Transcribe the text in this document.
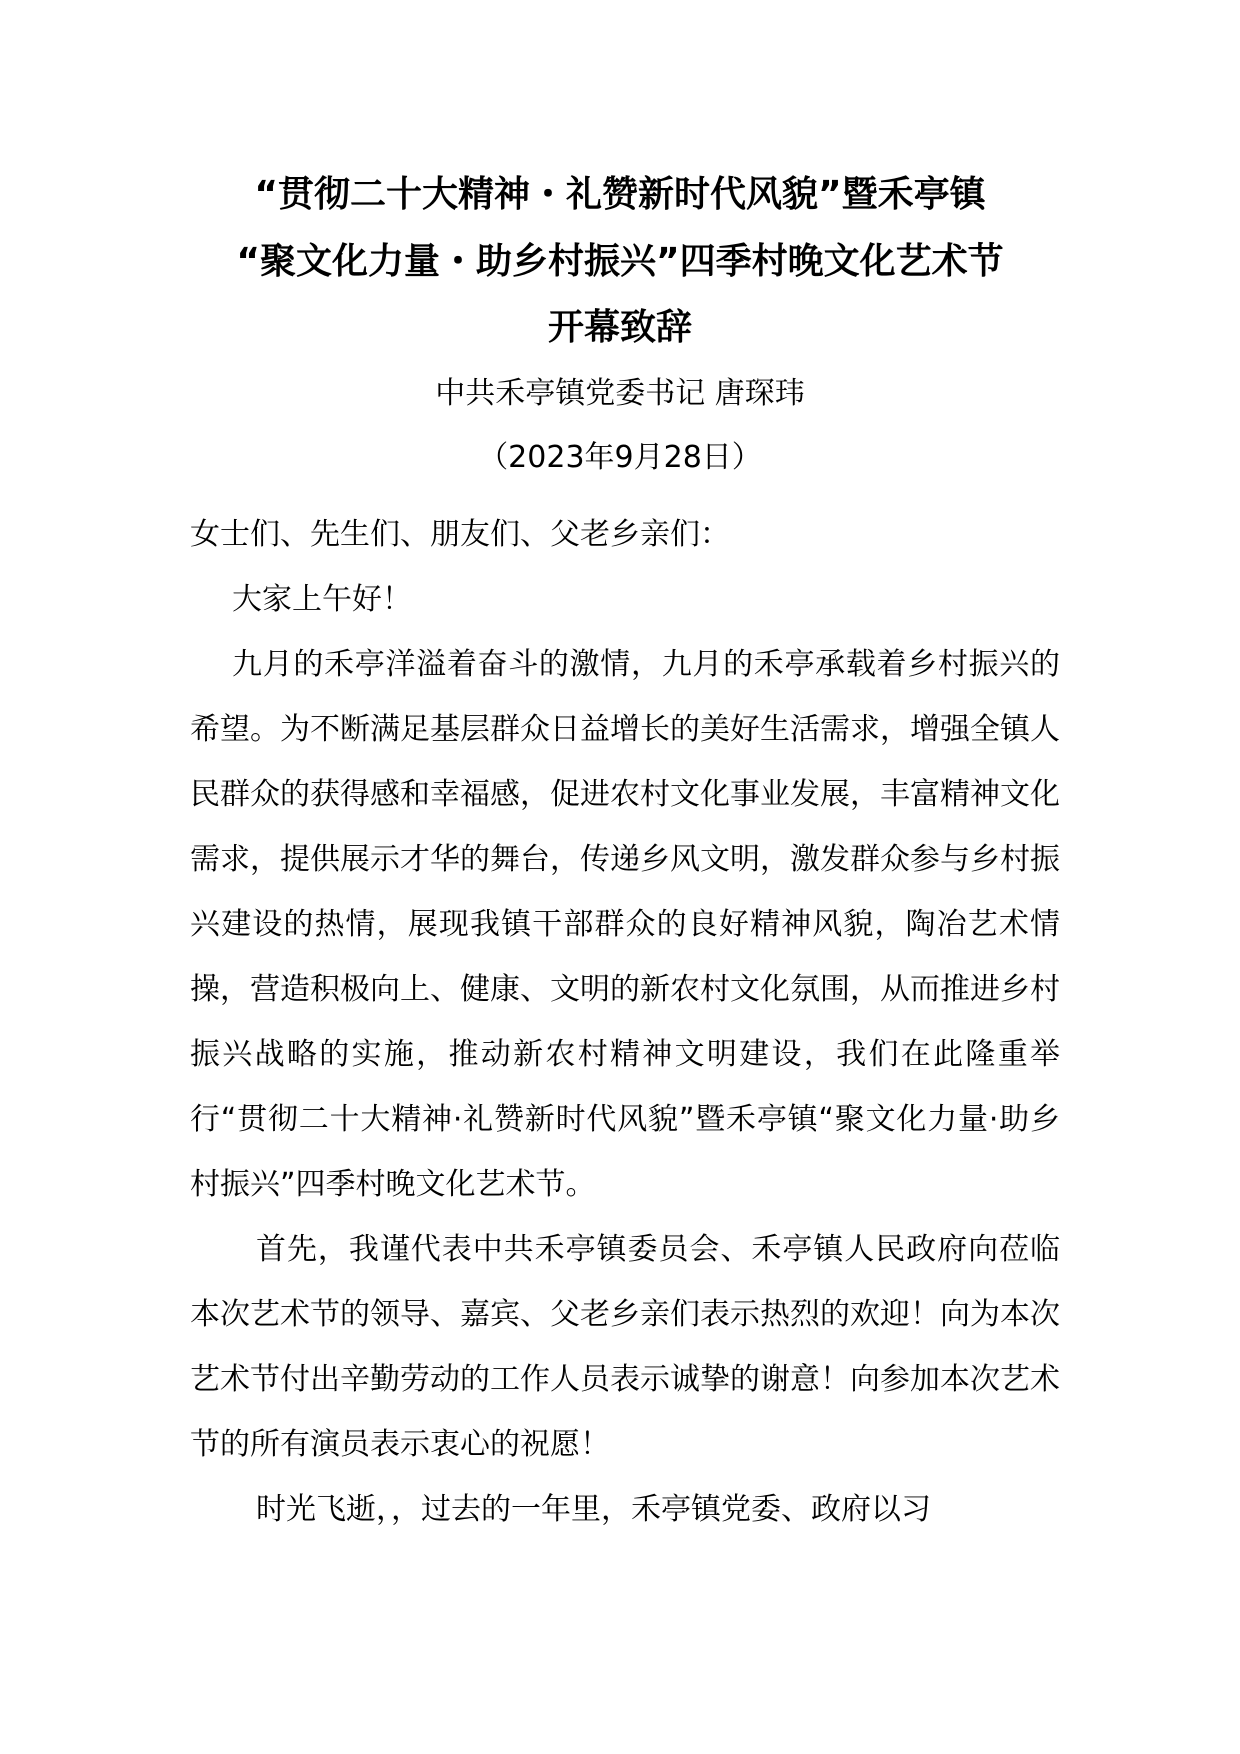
“贯彻二十大精神・礼赞新时代风貌”暨禾亭镇
“聚文化力量・助乡村振兴”四季村晚文化艺术节
开幕致辞
中共禾亭镇党委书记 唐琛玮
（2023年9月28日）

女士们、先生们、朋友们、父老乡亲们：

大家上午好！

九月的禾亭洋溢着奋斗的激情，九月的禾亭承载着乡村振兴的希望。为不断满足基层群众日益增长的美好生活需求，增强全镇人民群众的获得感和幸福感，促进农村文化事业发展，丰富精神文化需求，提供展示才华的舞台，传递乡风文明，激发群众参与乡村振兴建设的热情，展现我镇干部群众的良好精神风貌，陶冶艺术情操，营造积极向上、健康、文明的新农村文化氛围，从而推进乡村振兴战略的实施，推动新农村精神文明建设，我们在此隆重举行“贯彻二十大精神·礼赞新时代风貌”暨禾亭镇“聚文化力量·助乡村振兴”四季村晚文化艺术节。

首先，我谨代表中共禾亭镇委员会、禾亭镇人民政府向莅临本次艺术节的领导、嘉宾、父老乡亲们表示热烈的欢迎！向为本次艺术节付出辛勤劳动的工作人员表示诚挚的谢意！向参加本次艺术节的所有演员表示衷心的祝愿！

时光飞逝，，过去的一年里，禾亭镇党委、政府以习
